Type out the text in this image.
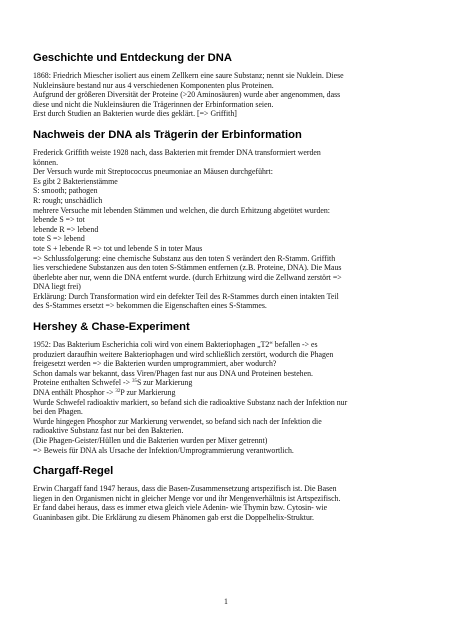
Geschichte und Entdeckung der DNA

1868: Friedrich Miescher isoliert aus einem Zellkern eine saure Substanz; nennt sie Nuklein. Diese

Nukleinsäure bestand nur aus 4 verschiedenen Komponenten plus Proteinen.

Aufgrund der größeren Diversität der Proteine (>20 Aminosäuren) wurde aber angenommen, dass

diese und nicht die Nukleinsäuren die Trägerinnen der Erbinformation seien.

Erst durch Studien an Bakterien wurde dies geklärt. [=> Griffith]

Nachweis der DNA als Trägerin der Erbinformation

Frederick Griffith weiste 1928 nach, dass Bakterien mit fremder DNA transformiert werden

können.

Der Versuch wurde mit Streptococcus pneumoniae an Mäusen durchgeführt:

Es gibt 2 Bakterienstämme

S: smooth; pathogen

R: rough; unschädlich

mehrere Versuche mit lebenden Stämmen und welchen, die durch Erhitzung abgetötet wurden:

lebende S => tot

lebende R => lebend

tote S => lebend

tote S + lebende R => tot und lebende S in toter Maus

=> Schlussfolgerung: eine chemische Substanz aus den toten S verändert den R-Stamm. Griffith

lies verschiedene Substanzen aus den toten S-Stämmen entfernen (z.B. Proteine, DNA). Die Maus

überlebte aber nur, wenn die DNA entfernt wurde. (durch Erhitzung wird die Zellwand zerstört =>

DNA liegt frei)

Erklärung: Durch Transformation wird ein defekter Teil des R-Stammes durch einen intakten Teil

des S-Stammes ersetzt => bekommen die Eigenschaften eines S-Stammes.

Hershey & Chase-Experiment

1952: Das Bakterium Escherichia coli wird von einem Bakteriophagen „T2“ befallen -> es

produziert daraufhin weitere Bakteriophagen und wird schließlich zerstört, wodurch die Phagen

freigesetzt werden => die Bakterien wurden umprogrammiert, aber wodurch?

Schon damals war bekannt, dass Viren/Phagen fast nur aus DNA und Proteinen bestehen.

Proteine enthalten Schwefel -> $^{35}$S zur Markierung

DNA enthält Phosphor -> $^{32}$P zur Markierung

Wurde Schwefel radioaktiv markiert, so befand sich die radioaktive Substanz nach der Infektion nur

bei den Phagen.

Wurde hingegen Phosphor zur Markierung verwendet, so befand sich nach der Infektion die

radioaktive Substanz fast nur bei den Bakterien.

(Die Phagen-Geister/Hüllen und die Bakterien wurden per Mixer getrennt)

=> Beweis für DNA als Ursache der Infektion/Umprogrammierung verantwortlich.

Chargaff-Regel

Erwin Chargaff fand 1947 heraus, dass die Basen-Zusammensetzung artspezifisch ist. Die Basen

liegen in den Organismen nicht in gleicher Menge vor und ihr Mengenverhältnis ist Artspezifisch.

Er fand dabei heraus, dass es immer etwa gleich viele Adenin- wie Thymin bzw. Cytosin- wie

Guaninbasen gibt. Die Erklärung zu diesem Phänomen gab erst die Doppelhelix-Struktur.

1
